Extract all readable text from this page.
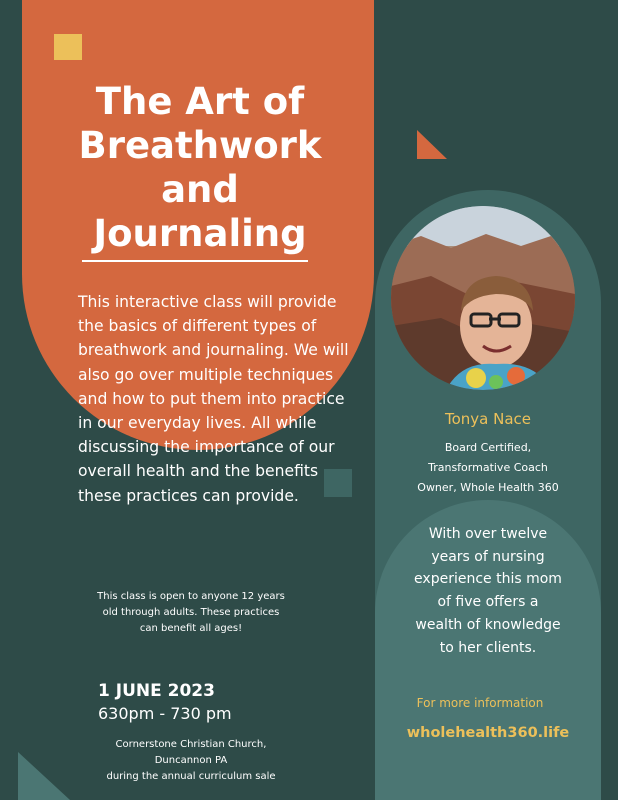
The Art of
Breathwork
and
Journaling

This interactive class will provide the basics of different types of breathwork and journaling. We will also go over multiple techniques and how to put them into practice in our everyday lives. All while discussing the importance of our overall health and the benefits these practices can provide.

This class is open to anyone 12 years
old through adults. These practices
can benefit all ages!
1 JUNE 2023
630pm - 730 pm
Cornerstone Christian Church,
Duncannon PA
during the annual curriculum sale
Tonya Nace
Board Certified,
Transformative Coach
Owner, Whole Health 360
With over twelve
years of nursing
experience this mom
of five offers a
wealth of knowledge
to her clients.
For more information
wholehealth360.life
